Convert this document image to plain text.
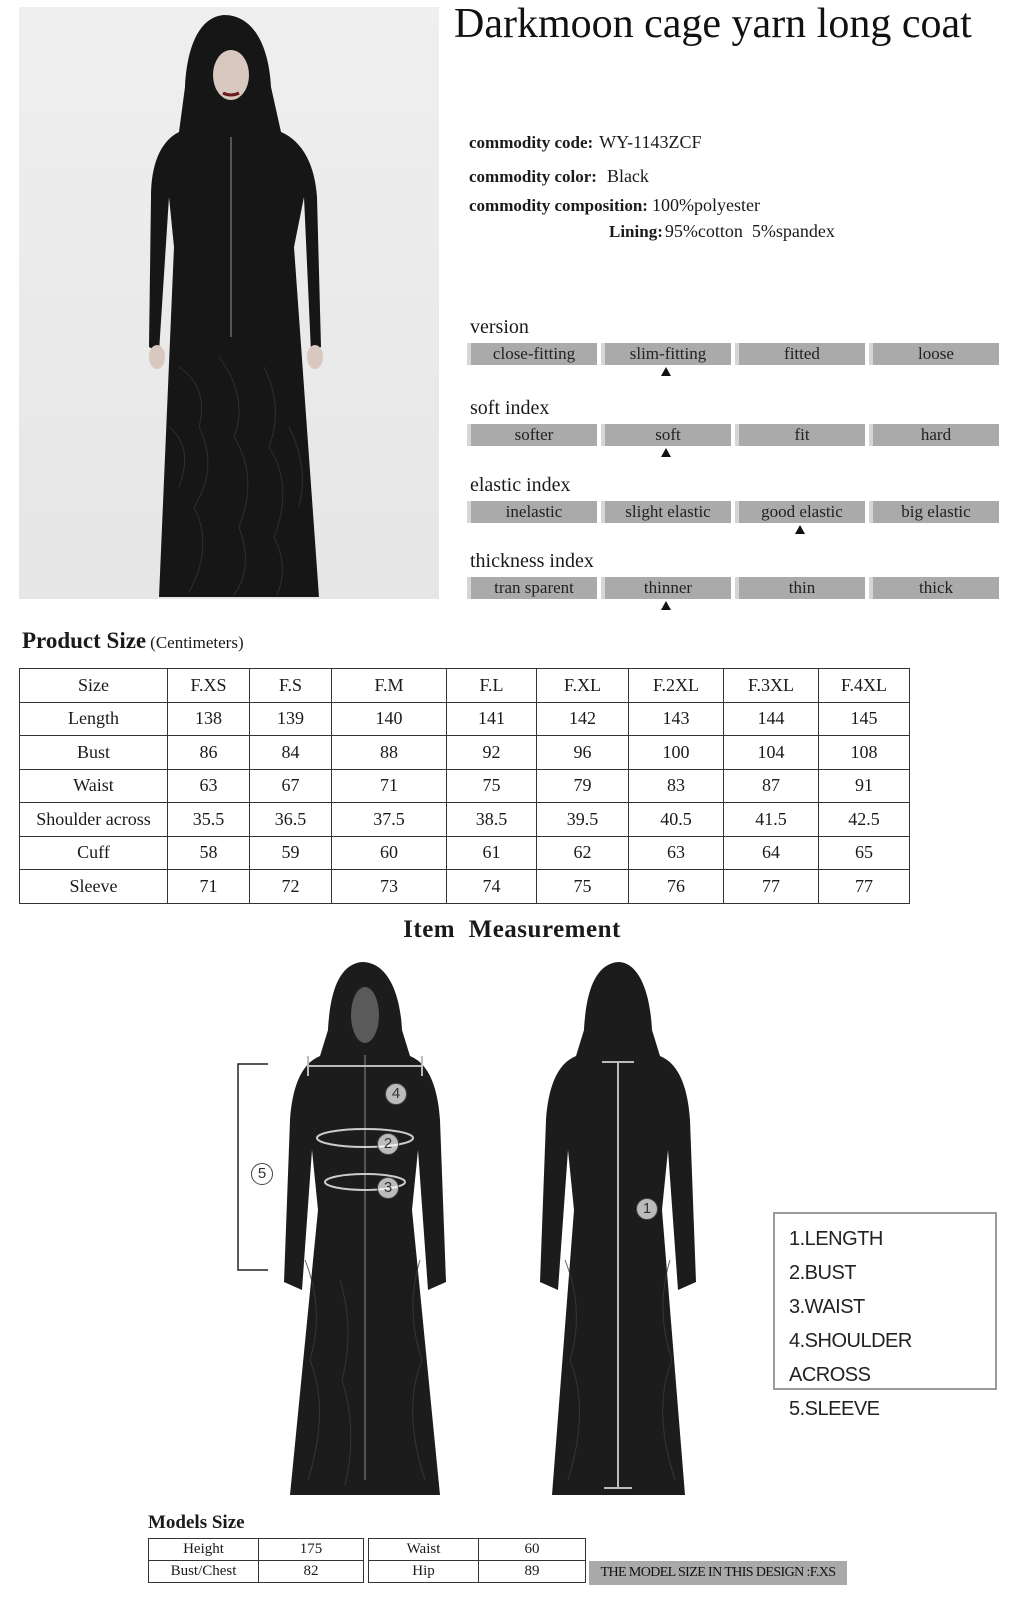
Darkmoon cage yarn long coat
commodity code: WY-1143ZCF
commodity color: Black
commodity composition: 100%polyester
Lining: 95%cotton  5%spandex
version
close-fitting	slim-fitting	fitted	loose
soft index
softer	soft	fit	hard
elastic index
inelastic	slight elastic	good elastic	big elastic
thickness index
tran sparent	thinner	thin	thick
Product Size (Centimeters)
Size	F.XS	F.S	F.M	F.L	F.XL	F.2XL	F.3XL	F.4XL
Length	138	139	140	141	142	143	144	145
Bust	86	84	88	92	96	100	104	108
Waist	63	67	71	75	79	83	87	91
Shoulder across	35.5	36.5	37.5	38.5	39.5	40.5	41.5	42.5
Cuff	58	59	60	61	62	63	64	65
Sleeve	71	72	73	74	75	76	77	77
Item  Measurement
4
2
3
5
1
1.LENGTH
2.BUST
3.WAIST
4.SHOULDER ACROSS
5.SLEEVE
Models Size
Height	175
Bust/Chest	82
Waist	60
Hip	89	THE MODEL SIZE IN THIS DESIGN :F.XS
